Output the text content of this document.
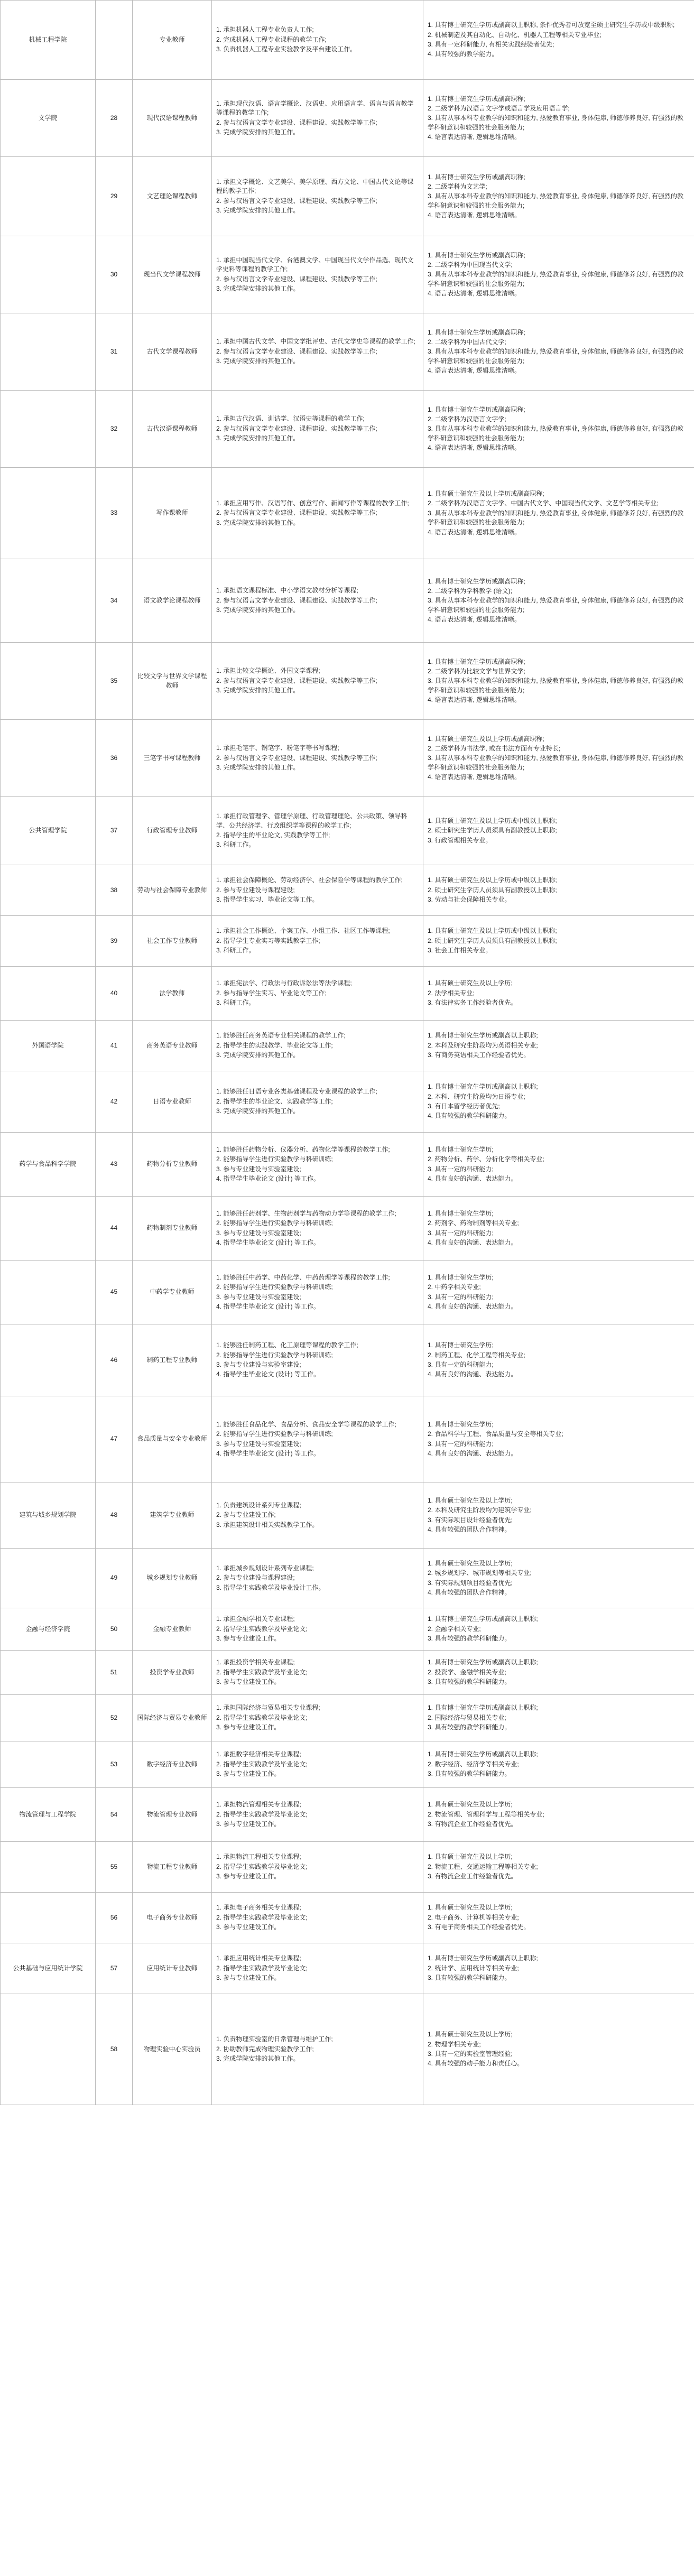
机械工程学院		专业教师	1. 承担机器人工程专业负责人工作;
2. 完成机器人工程专业课程的教学工作;
3. 负责机器人工程专业实验教学及平台建设工作。	1. 具有博士研究生学历或副高以上职称, 条件优秀者可放宽至硕士研究生学历或中级职称;
2. 机械制造及其自动化、自动化、机器人工程等相关专业毕业;
3. 具有一定科研能力, 有相关实践经验者优先;
4. 具有较强的教学能力。

文学院	28	现代汉语课程教师	1. 承担现代汉语、语言学概论、汉语史、应用语言学、语言与语言教学等课程的教学工作;
2. 参与汉语言文学专业建设、课程建设、实践教学等工作;
3. 完成学院安排的其他工作。	1. 具有博士研究生学历或副高职称;
2. 二级学科为汉语言文字学或语言学及应用语言学;
3. 具有从事本科专业教学的知识和能力, 热爱教育事业, 身体健康, 师德修养良好, 有强烈的教学科研意识和较强的社会服务能力;
4. 语言表达清晰, 逻辑思维清晰。

	29	文艺理论课程教师	1. 承担文学概论、文艺美学、美学原理、西方文论、中国古代文论等课程的教学工作;
2. 参与汉语言文学专业建设、课程建设、实践教学等工作;
3. 完成学院安排的其他工作。	1. 具有博士研究生学历或副高职称;
2. 二级学科为文艺学;
3. 具有从事本科专业教学的知识和能力, 热爱教育事业, 身体健康, 师德修养良好, 有强烈的教学科研意识和较强的社会服务能力;
4. 语言表达清晰, 逻辑思维清晰。

	30	现当代文学课程教师	1. 承担中国现当代文学、台港澳文学、中国现当代文学作品选、现代文学史料等课程的教学工作;
2. 参与汉语言文学专业建设、课程建设、实践教学等工作;
3. 完成学院安排的其他工作。	1. 具有博士研究生学历或副高职称;
2. 二级学科为中国现当代文学;
3. 具有从事本科专业教学的知识和能力, 热爱教育事业, 身体健康, 师德修养良好, 有强烈的教学科研意识和较强的社会服务能力;
4. 语言表达清晰, 逻辑思维清晰。

	31	古代文学课程教师	1. 承担中国古代文学、中国文学批评史、古代文学史等课程的教学工作;
2. 参与汉语言文学专业建设、课程建设、实践教学等工作;
3. 完成学院安排的其他工作。	1. 具有博士研究生学历或副高职称;
2. 二级学科为中国古代文学;
3. 具有从事本科专业教学的知识和能力, 热爱教育事业, 身体健康, 师德修养良好, 有强烈的教学科研意识和较强的社会服务能力;
4. 语言表达清晰, 逻辑思维清晰。

	32	古代汉语课程教师	1. 承担古代汉语、训诂学、汉语史等课程的教学工作;
2. 参与汉语言文学专业建设、课程建设、实践教学等工作;
3. 完成学院安排的其他工作。	1. 具有博士研究生学历或副高职称;
2. 二级学科为汉语言文字学;
3. 具有从事本科专业教学的知识和能力, 热爱教育事业, 身体健康, 师德修养良好, 有强烈的教学科研意识和较强的社会服务能力;
4. 语言表达清晰, 逻辑思维清晰。

	33	写作课教师	1. 承担应用写作、汉语写作、创意写作、新闻写作等课程的教学工作;
2. 参与汉语言文学专业建设、课程建设、实践教学等工作;
3. 完成学院安排的其他工作。	1. 具有硕士研究生及以上学历或副高职称;
2. 二级学科为汉语言文字学、中国古代文学、中国现当代文学、文艺学等相关专业;
3. 具有从事本科专业教学的知识和能力, 热爱教育事业, 身体健康, 师德修养良好, 有强烈的教学科研意识和较强的社会服务能力;
4. 语言表达清晰, 逻辑思维清晰。

	34	语文教学论课程教师	1. 承担语文课程标准、中小学语文教材分析等课程;
2. 参与汉语言文学专业建设、课程建设、实践教学等工作;
3. 完成学院安排的其他工作。	1. 具有博士研究生学历或副高职称;
2. 二级学科为学科教学 (语文);
3. 具有从事本科专业教学的知识和能力, 热爱教育事业, 身体健康, 师德修养良好, 有强烈的教学科研意识和较强的社会服务能力;
4. 语言表达清晰, 逻辑思维清晰。

	35	比较文学与世界文学课程教师	1. 承担比较文学概论、外国文学课程;
2. 参与汉语言文学专业建设、课程建设、实践教学等工作;
3. 完成学院安排的其他工作。	1. 具有博士研究生学历或副高职称;
2. 二级学科为比较文学与世界文学;
3. 具有从事本科专业教学的知识和能力, 热爱教育事业, 身体健康, 师德修养良好, 有强烈的教学科研意识和较强的社会服务能力;
4. 语言表达清晰, 逻辑思维清晰。

	36	三笔字书写课程教师	1. 承担毛笔字、钢笔字、粉笔字等书写课程;
2. 参与汉语言文学专业建设、课程建设、实践教学等工作;
3. 完成学院安排的其他工作。	1. 具有硕士研究生及以上学历或副高职称;
2. 二级学科为书法学, 或在书法方面有专业特长;
3. 具有从事本科专业教学的知识和能力, 热爱教育事业, 身体健康, 师德修养良好, 有强烈的教学科研意识和较强的社会服务能力;
4. 语言表达清晰, 逻辑思维清晰。

公共管理学院	37	行政管理专业教师	1. 承担行政管理学、管理学原理、行政管理理论、公共政策、领导科学、公共经济学、行政组织学等课程的教学工作;
2. 指导学生的毕业论文, 实践教学等工作;
3. 科研工作。	1. 具有硕士研究生及以上学历或中级以上职称;
2. 硕士研究生学历人员须具有副教授以上职称;
3. 行政管理相关专业。

	38	劳动与社会保障专业教师	1. 承担社会保障概论、劳动经济学、社会保险学等课程的教学工作;
2. 参与专业建设与课程建设;
3. 指导学生实习、毕业论文等工作。	1. 具有硕士研究生及以上学历或中级以上职称;
2. 硕士研究生学历人员须具有副教授以上职称;
3. 劳动与社会保障相关专业。

	39	社会工作专业教师	1. 承担社会工作概论、个案工作、小组工作、社区工作等课程;
2. 指导学生专业实习等实践教学工作;
3. 科研工作。	1. 具有硕士研究生及以上学历或中级以上职称;
2. 硕士研究生学历人员须具有副教授以上职称;
3. 社会工作相关专业。

	40	法学教师	1. 承担宪法学、行政法与行政诉讼法等法学课程;
2. 参与指导学生实习、毕业论文等工作;
3. 科研工作。	1. 具有硕士研究生及以上学历;
2. 法学相关专业;
3. 有法律实务工作经验者优先。

外国语学院	41	商务英语专业教师	1. 能够胜任商务英语专业相关课程的教学工作;
2. 指导学生的实践教学、毕业论文等工作;
3. 完成学院安排的其他工作。	1. 具有博士研究生学历或副高以上职称;
2. 本科及研究生阶段均为英语相关专业;
3. 有商务英语相关工作经验者优先。

	42	日语专业教师	1. 能够胜任日语专业各类基础课程及专业课程的教学工作;
2. 指导学生的毕业论文、实践教学等工作;
3. 完成学院安排的其他工作。	1. 具有博士研究生学历或副高以上职称;
2. 本科、研究生阶段均为日语专业;
3. 有日本留学经历者优先;
4. 具有较强的教学科研能力。

药学与食品科学学院	43	药物分析专业教师	1. 能够胜任药物分析、仪器分析、药物化学等课程的教学工作;
2. 能够指导学生进行实验教学与科研训练;
3. 参与专业建设与实验室建设;
4. 指导学生毕业论文 (设计) 等工作。	1. 具有博士研究生学历;
2. 药物分析、药学、分析化学等相关专业;
3. 具有一定的科研能力;
4. 具有良好的沟通、表达能力。

	44	药物制剂专业教师	1. 能够胜任药剂学、生物药剂学与药物动力学等课程的教学工作;
2. 能够指导学生进行实验教学与科研训练;
3. 参与专业建设与实验室建设;
4. 指导学生毕业论文 (设计) 等工作。	1. 具有博士研究生学历;
2. 药剂学、药物制剂等相关专业;
3. 具有一定的科研能力;
4. 具有良好的沟通、表达能力。

	45	中药学专业教师	1. 能够胜任中药学、中药化学、中药药理学等课程的教学工作;
2. 能够指导学生进行实验教学与科研训练;
3. 参与专业建设与实验室建设;
4. 指导学生毕业论文 (设计) 等工作。	1. 具有博士研究生学历;
2. 中药学相关专业;
3. 具有一定的科研能力;
4. 具有良好的沟通、表达能力。

	46	制药工程专业教师	1. 能够胜任制药工程、化工原理等课程的教学工作;
2. 能够指导学生进行实验教学与科研训练;
3. 参与专业建设与实验室建设;
4. 指导学生毕业论文 (设计) 等工作。	1. 具有博士研究生学历;
2. 制药工程、化学工程等相关专业;
3. 具有一定的科研能力;
4. 具有良好的沟通、表达能力。

	47	食品质量与安全专业教师	1. 能够胜任食品化学、食品分析、食品安全学等课程的教学工作;
2. 能够指导学生进行实验教学与科研训练;
3. 参与专业建设与实验室建设;
4. 指导学生毕业论文 (设计) 等工作。	1. 具有博士研究生学历;
2. 食品科学与工程、食品质量与安全等相关专业;
3. 具有一定的科研能力;
4. 具有良好的沟通、表达能力。

建筑与城乡规划学院	48	建筑学专业教师	1. 负责建筑设计系列专业课程;
2. 参与专业建设工作;
3. 承担建筑设计相关实践教学工作。	1. 具有硕士研究生及以上学历;
2. 本科及研究生阶段均为建筑学专业;
3. 有实际项目设计经验者优先;
4. 具有较强的团队合作精神。

	49	城乡规划专业教师	1. 承担城乡规划设计系列专业课程;
2. 参与专业建设与课程建设;
3. 指导学生实践教学及毕业设计工作。	1. 具有硕士研究生及以上学历;
2. 城乡规划学、城市规划等相关专业;
3. 有实际规划项目经验者优先;
4. 具有较强的团队合作精神。

金融与经济学院	50	金融专业教师	1. 承担金融学相关专业课程;
2. 指导学生实践教学及毕业论文;
3. 参与专业建设工作。	1. 具有博士研究生学历或副高以上职称;
2. 金融学相关专业;
3. 具有较强的教学科研能力。

	51	投资学专业教师	1. 承担投资学相关专业课程;
2. 指导学生实践教学及毕业论文;
3. 参与专业建设工作。	1. 具有博士研究生学历或副高以上职称;
2. 投资学、金融学相关专业;
3. 具有较强的教学科研能力。

	52	国际经济与贸易专业教师	1. 承担国际经济与贸易相关专业课程;
2. 指导学生实践教学及毕业论文;
3. 参与专业建设工作。	1. 具有博士研究生学历或副高以上职称;
2. 国际经济与贸易相关专业;
3. 具有较强的教学科研能力。

	53	数字经济专业教师	1. 承担数字经济相关专业课程;
2. 指导学生实践教学及毕业论文;
3. 参与专业建设工作。	1. 具有博士研究生学历或副高以上职称;
2. 数字经济、经济学等相关专业;
3. 具有较强的教学科研能力。

物流管理与工程学院	54	物流管理专业教师	1. 承担物流管理相关专业课程;
2. 指导学生实践教学及毕业论文;
3. 参与专业建设工作。	1. 具有硕士研究生及以上学历;
2. 物流管理、管理科学与工程等相关专业;
3. 有物流企业工作经验者优先。

	55	物流工程专业教师	1. 承担物流工程相关专业课程;
2. 指导学生实践教学及毕业论文;
3. 参与专业建设工作。	1. 具有硕士研究生及以上学历;
2. 物流工程、交通运输工程等相关专业;
3. 有物流企业工作经验者优先。

	56	电子商务专业教师	1. 承担电子商务相关专业课程;
2. 指导学生实践教学及毕业论文;
3. 参与专业建设工作。	1. 具有硕士研究生及以上学历;
2. 电子商务、计算机等相关专业;
3. 有电子商务相关工作经验者优先。

公共基础与应用统计学院	57	应用统计专业教师	1. 承担应用统计相关专业课程;
2. 指导学生实践教学及毕业论文;
3. 参与专业建设工作。	1. 具有博士研究生学历或副高以上职称;
2. 统计学、应用统计等相关专业;
3. 具有较强的教学科研能力。

	58	物理实验中心实验员	1. 负责物理实验室的日常管理与维护工作;
2. 协助教师完成物理实验教学工作;
3. 完成学院安排的其他工作。	1. 具有硕士研究生及以上学历;
2. 物理学相关专业;
3. 具有一定的实验室管理经验;
4. 具有较强的动手能力和责任心。
